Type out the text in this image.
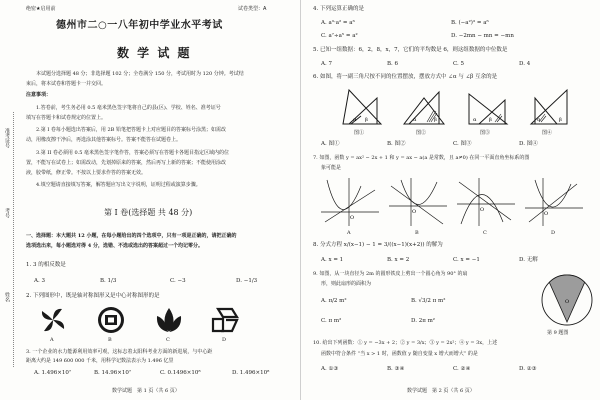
绝密★启用前	试卷类型：A
德州市二○一八年初中学业水平考试
数 学 试 题
本试题分选择题 48 分；非选择题 102 分；全卷满分 150 分，考试用时为 120 分钟。考试结
束后，将本试卷和答题卡一并交回。
注意事项：
1.答卷前，考生务必用 0.5 毫米黑色签字笔将自己的县(区)、学校、姓名、准考证号
填写在答题卡和试卷规定的位置上。
2.第 I 卷每小题选出答案后，用 2B 铅笔把答题卡上对应题目的答案标号涂黑；如需改
动，用橡皮擦干净后，再选涂其他答案标号。答案不能答在试题卷上。
3.第 II 卷必须用 0.5 毫米黑色签字笔作答，答案必须写在答题卡各题目指定区域内的位
置，不能写在试卷上；如需改动，先划掉原来的答案，然后再写上新的答案；不能使用涂改
液，胶带纸，修正带。不按以上要求作答的答案无效。
4.填空题请直接填写答案，解答题应写出文字说明，证明过程或演算步骤。
第 I 卷(选择题 共 48 分)
一、选择题：本大题共 12 小题，在每小题给出的四个选项中，只有一项是正确的，请把正确的
选项选出来，每小题选对得 4 分，选错、不选或选出的答案超过一个均记零分。
1. 3 的相反数是
A. 3	B. 1/3	C. −3	D. −1/3
2. 下列图形中，既是轴对称图形又是中心对称图形的是
A	B	C	D
3. 一个企业的水力能源利用效率可观，这标志着太阳科考业方面的新进展，与中心距
距离大约是 149 600 000 千米，用科学记数法表示为 1.496 亿里
A. 1.496×10⁷	B. 14.96×10⁷	C. 0.1496×10⁸	D. 1.496×10⁸
数学试题　第 1 页（共 6 页）
准考证号
考号
姓名
4. 下列运算正确的是
A. a³·a² = a⁶	B. (−a²)³ = a⁶
C. a⁷÷a⁵ = a²	D. −2mn − mn = −mn
5. 已知一组数据：6，2，8，x，7，它们的平均数是 6，则这组数据的中位数是
A. 7	B. 6	C. 5	D. 4
6. 如图，将一副三角尺按不同的位置摆放，摆放方式中 ∠α 与 ∠β 互余的是
α β	α	β	α	β	α	β
图①	图②	图③	图④
A. 图①	B. 图②	C. 图③	D. 图④
7. 如图，函数 y = ax² − 2x + 1 和 y = ax − a(a 是常数，且 a≠0) 在同一平面直角坐标系的图
象可能是
O
O	O
O
A	B	C	D
8. 分式方程 x/(x−1) − 1 = 3/((x−1)(x+2)) 的解为
A. x = 1	B. x = 2	C. x = −1	D. 无解
9. 如图，从一块直径为 2m 的圆形铁皮上剪出一个圆心角为 90° 的扇
形，则此扇形的面积为
A. π/2 m²	B. √3/2 π m²
C. π m²	D. 2π m²
O
第 9 题图
10. 给出下列函数：① y = −3x + 2；② y = 3/x；③ y = 2x²；④ y = 3x，上述
函数中符合条件 “当 x > 1 时，函数值 y 随自变量 x 增大而增大” 的是
A. ①③	B. ③④	C. ②④	D. ②③
数学试题　第 2 页（共 6 页）
